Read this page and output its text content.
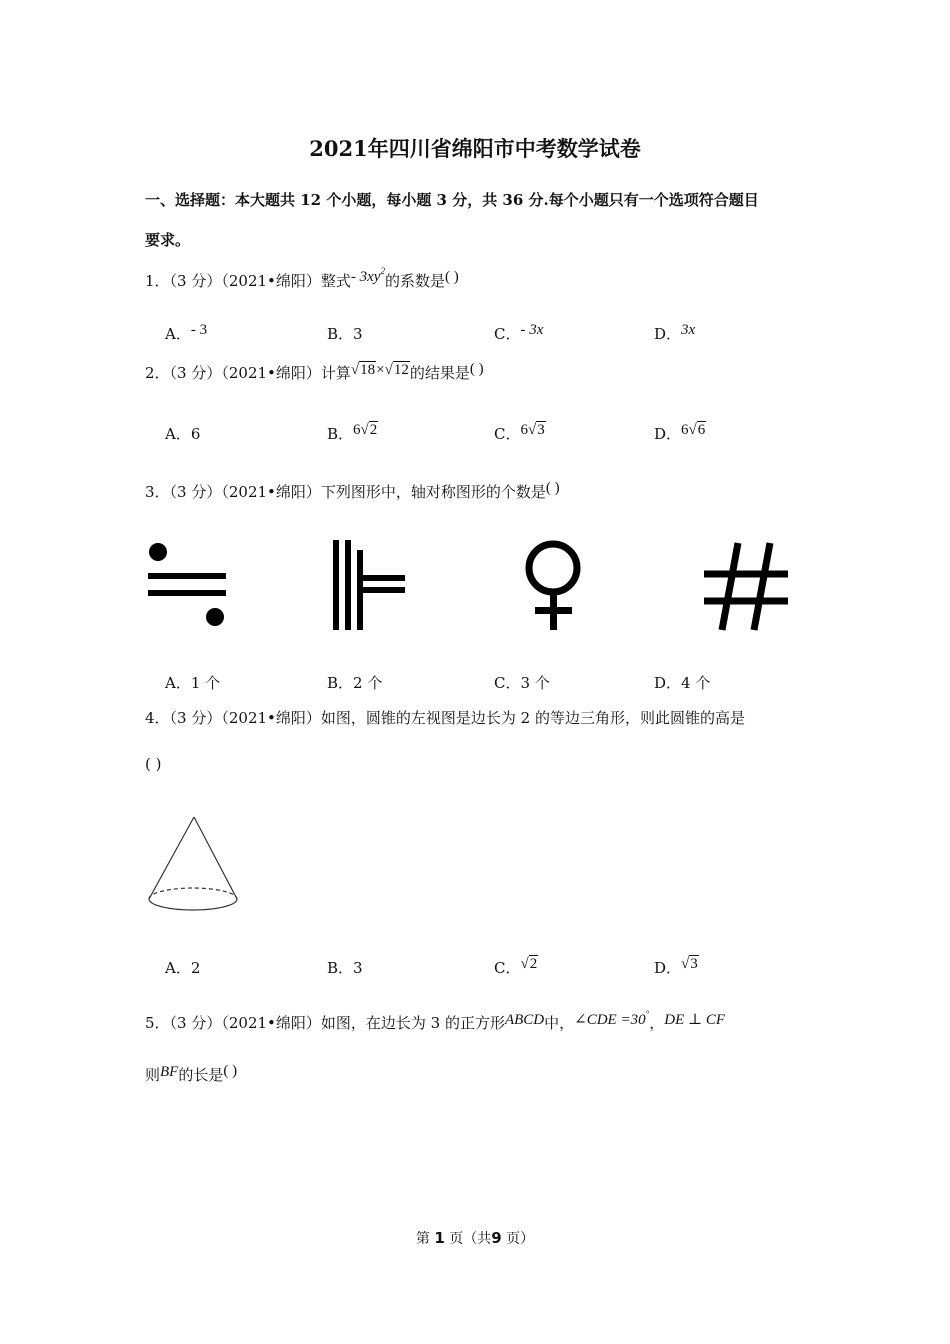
2021年四川省绵阳市中考数学试卷
一、选择题：本大题共 12 个小题，每小题 3 分，共 36 分.每个小题只有一个选项符合题目
要求。
1．（3 分）（2021•绵阳）整式- $3xy^2$的系数是( )
A．- 3	B．3	C．- 3x	D．3x
2．（3 分）（2021•绵阳）计算√18×√12的结果是( )
A．6	B．6√2	C．6√3	D．6√6
3．（3 分）（2021•绵阳）下列图形中，轴对称图形的个数是( )
A．1 个	B．2 个	C．3 个	D．4 个
4．（3 分）（2021•绵阳）如图，圆锥的左视图是边长为 2 的等边三角形，则此圆锥的高是
( )
A．2	B．3	C．√2	D．√3
5．（3 分）（2021•绵阳）如图，在边长为 3 的正方形ABCD中，∠CDE =30°，DE ⊥ CF
则BF的长是( )
第 1 页（共9 页）
